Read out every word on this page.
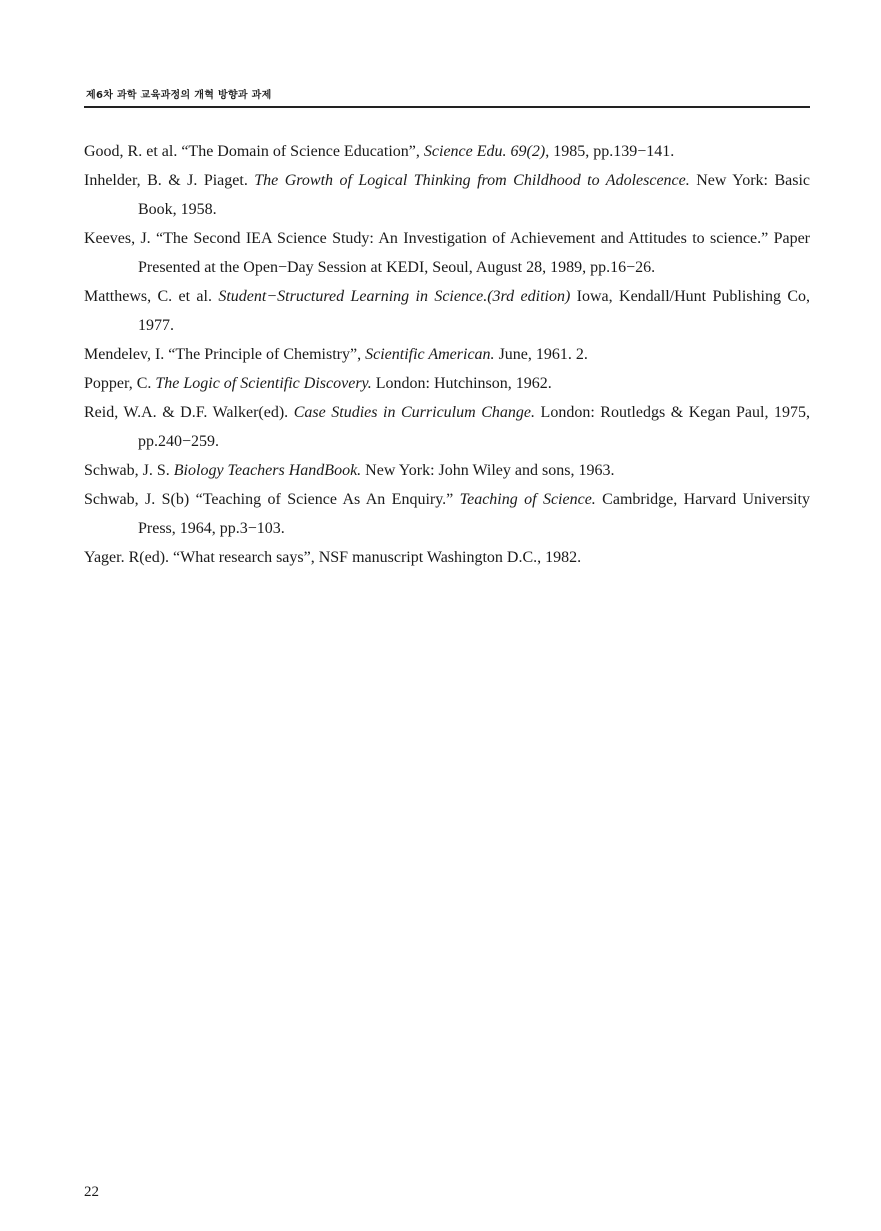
제6차 과학 교육과정의 개혁 방향과 과제

Good, R. et al. “The Domain of Science Education”, Science Edu. 69(2), 1985, pp.139−141.

Inhelder, B. & J. Piaget. The Growth of Logical Thinking from Childhood to Adolescence. New York: Basic Book, 1958.

Keeves, J. “The Second IEA Science Study: An Investigation of Achievement and Attitudes to science.” Paper Presented at the Open−Day Session at KEDI, Seoul, August 28, 1989, pp.16−26.

Matthews, C. et al. Student−Structured Learning in Science.(3rd edition) Iowa, Kendall/Hunt Publishing Co, 1977.

Mendelev, I. “The Principle of Chemistry”, Scientific American. June, 1961. 2.

Popper, C. The Logic of Scientific Discovery. London: Hutchinson, 1962.

Reid, W.A. & D.F. Walker(ed). Case Studies in Curriculum Change. London: Routledgs & Kegan Paul, 1975, pp.240−259.

Schwab, J. S. Biology Teachers HandBook. New York: John Wiley and sons, 1963.

Schwab, J. S(b) “Teaching of Science As An Enquiry.” Teaching of Science. Cambridge, Harvard University Press, 1964, pp.3−103.

Yager. R(ed). “What research says”, NSF manuscript Washington D.C., 1982.

22
